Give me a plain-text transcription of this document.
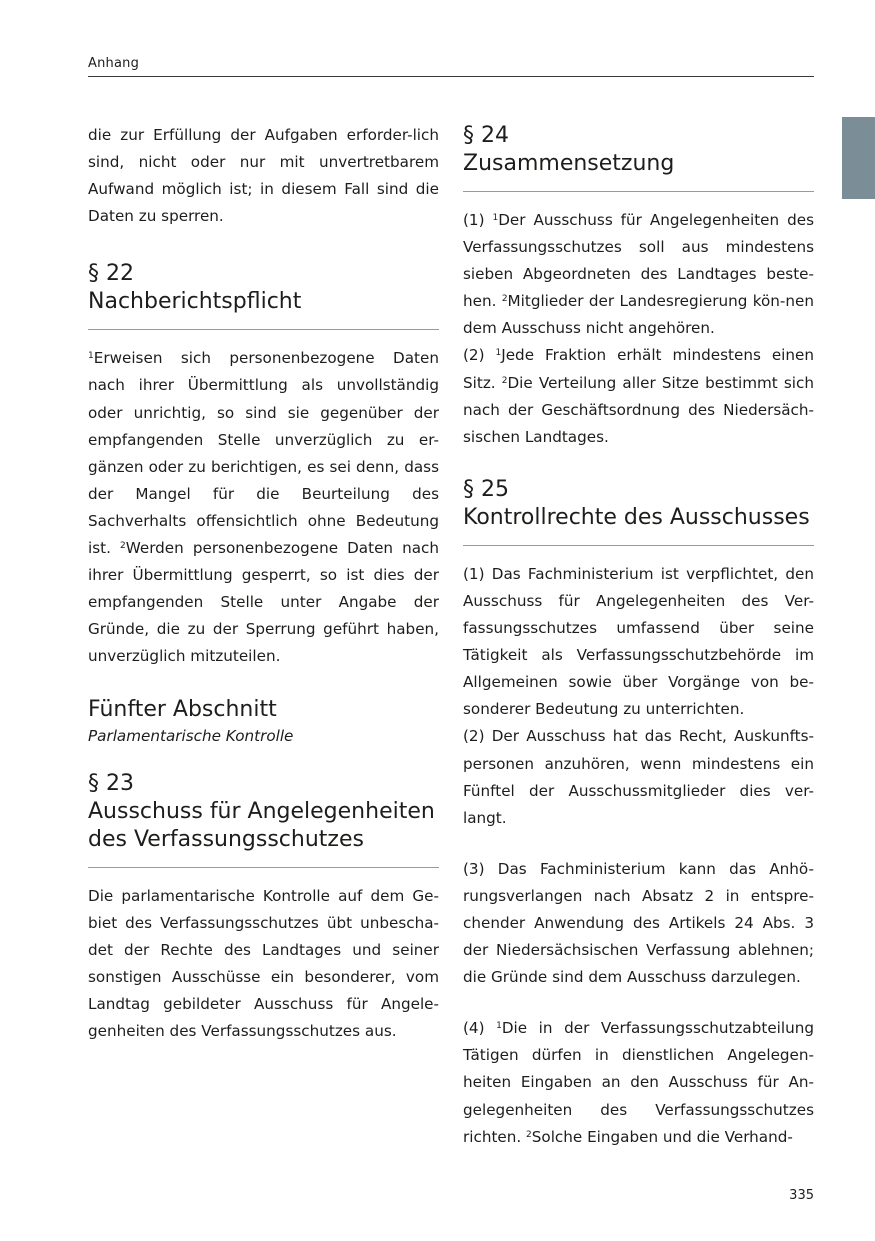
Anhang

die zur Erfüllung der Aufgaben erforder-lich sind, nicht oder nur mit unvertretbarem Aufwand möglich ist; in diesem Fall sind die Daten zu sperren.

§ 22
Nachberichtspflicht

$^1$Erweisen sich personenbezogene Daten nach ihrer Übermittlung als unvollständig oder unrichtig, so sind sie gegenüber der empfangenden Stelle unverzüglich zu er-gänzen oder zu berichtigen, es sei denn, dass der Mangel für die Beurteilung des Sachverhalts offensichtlich ohne Bedeutung ist. $^2$Werden personenbezogene Daten nach ihrer Übermittlung gesperrt, so ist dies der empfangenden Stelle unter Angabe der Gründe, die zu der Sperrung geführt haben, unverzüglich mitzuteilen.

Fünfter Abschnitt

Parlamentarische Kontrolle

§ 23
Ausschuss für Angelegenheiten
des Verfassungsschutzes

Die parlamentarische Kontrolle auf dem Ge-biet des Verfassungsschutzes übt unbescha-det der Rechte des Landtages und seiner sonstigen Ausschüsse ein besonderer, vom Landtag gebildeter Ausschuss für Angele-genheiten des Verfassungsschutzes aus.

§ 24
Zusammensetzung

(1) $^1$Der Ausschuss für Angelegenheiten des Verfassungsschutzes soll aus mindestens sieben Abgeordneten des Landtages beste-hen. $^2$Mitglieder der Landesregierung kön-nen dem Ausschuss nicht angehören.

(2) $^1$Jede Fraktion erhält mindestens einen Sitz. $^2$Die Verteilung aller Sitze bestimmt sich nach der Geschäftsordnung des Niedersäch-sischen Landtages.

§ 25
Kontrollrechte des Ausschusses

(1) Das Fachministerium ist verpflichtet, den Ausschuss für Angelegenheiten des Ver-fassungsschutzes umfassend über seine Tätigkeit als Verfassungsschutzbehörde im Allgemeinen sowie über Vorgänge von be-sonderer Bedeutung zu unterrichten.

(2) Der Ausschuss hat das Recht, Auskunfts-personen anzuhören, wenn mindestens ein Fünftel der Ausschussmitglieder dies ver-langt.

(3) Das Fachministerium kann das Anhö-rungsverlangen nach Absatz 2 in entspre-chender Anwendung des Artikels 24 Abs. 3 der Niedersächsischen Verfassung ablehnen; die Gründe sind dem Ausschuss darzulegen.

(4) $^1$Die in der Verfassungsschutzabteilung Tätigen dürfen in dienstlichen Angelegen-heiten Eingaben an den Ausschuss für An-gelegenheiten des Verfassungsschutzes richten. $^2$Solche Eingaben und die Verhand-

335
